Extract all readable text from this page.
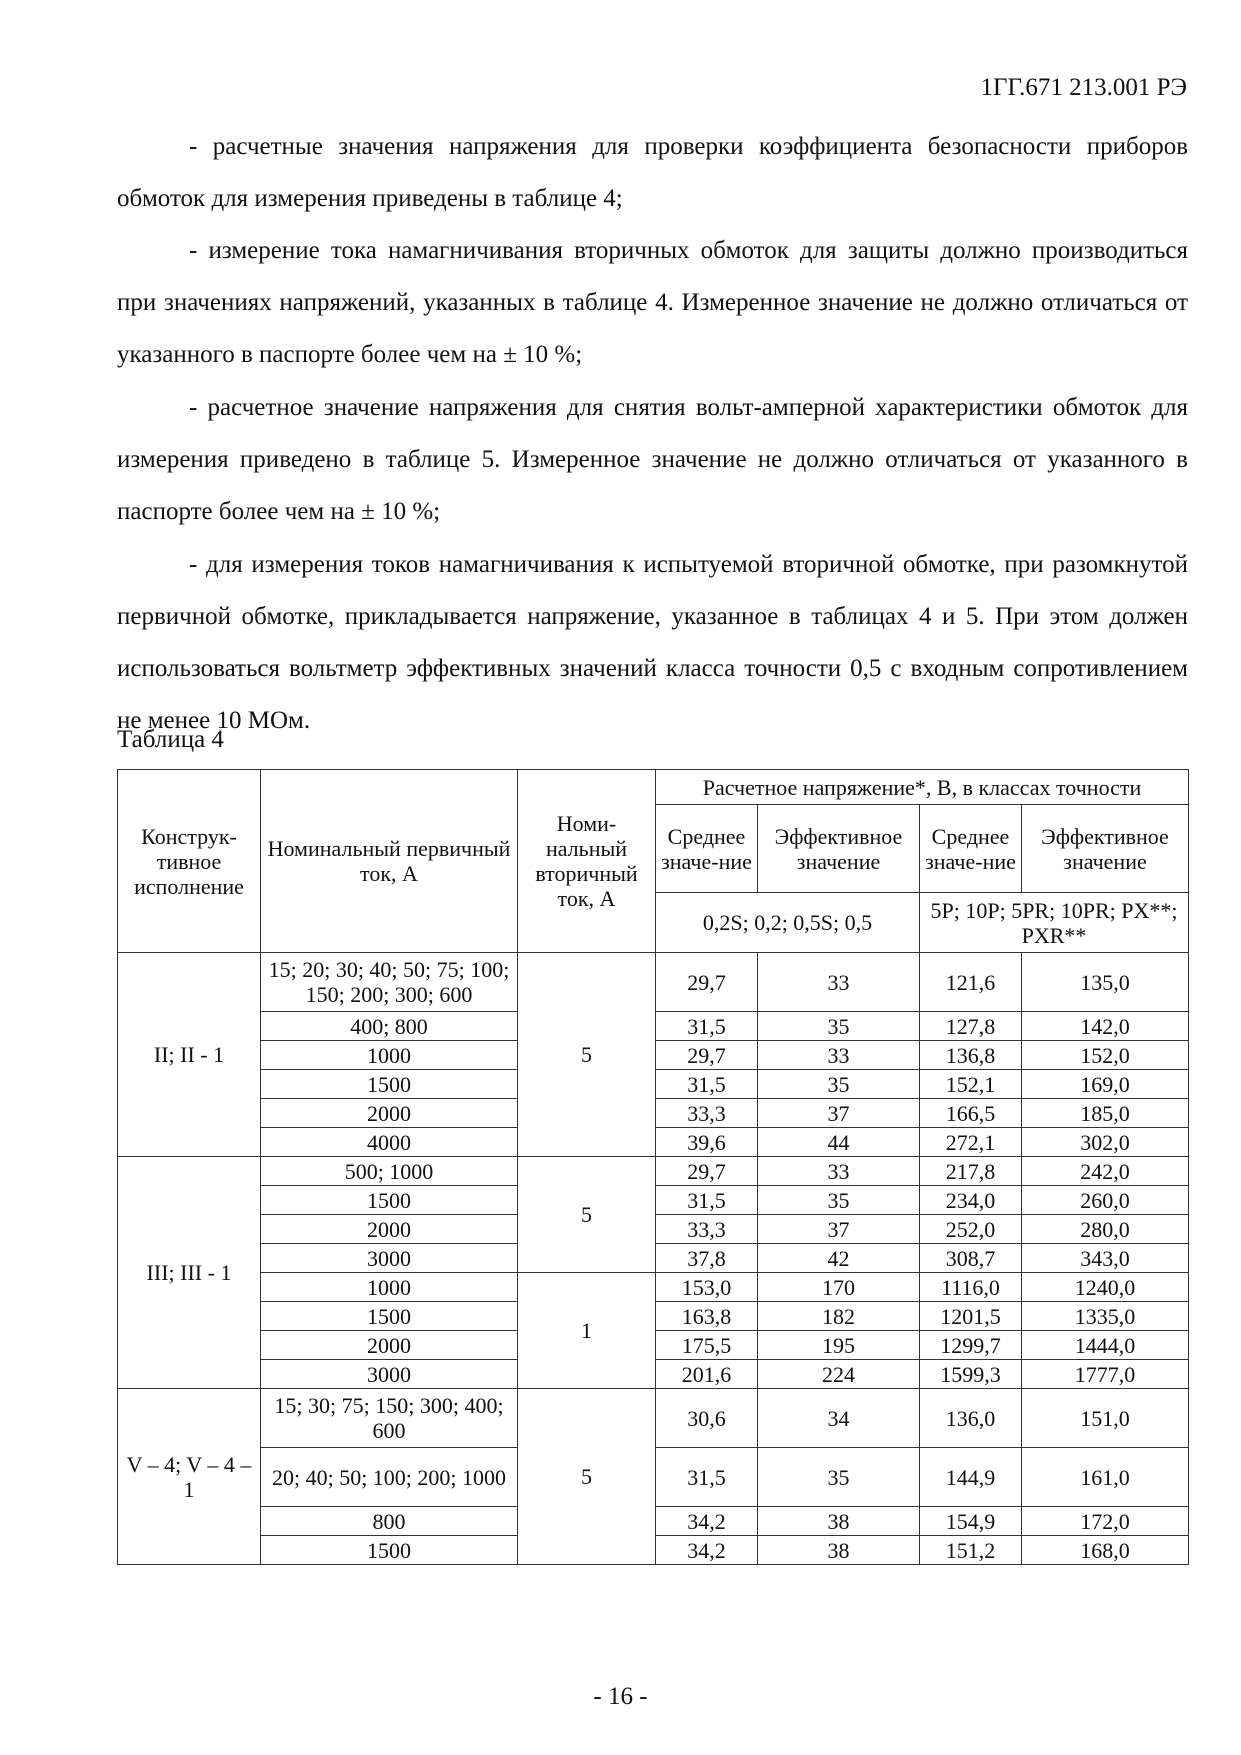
1ГГ.671 213.001 РЭ

- расчетные значения напряжения для проверки коэффициента безопасности приборов обмоток для измерения приведены в таблице 4;

- измерение тока намагничивания вторичных обмоток для защиты должно производиться при значениях напряжений, указанных в таблице 4. Измеренное значение не должно отличаться от указанного в паспорте более чем на ± 10 %;

- расчетное значение напряжения для снятия вольт-амперной характеристики обмоток для измерения приведено в таблице 5. Измеренное значение не должно отличаться от указанного в паспорте более чем на ± 10 %;

- для измерения токов намагничивания к испытуемой вторичной обмотке, при разомкнутой первичной обмотке, прикладывается напряжение, указанное в таблицах 4 и 5. При этом должен использоваться вольтметр эффективных значений класса точности 0,5 с входным сопротивлением не менее 10 МОм.

Таблица 4
Конструк-тивное исполнение	Номинальный первичный ток, А	Номи-нальный вторичный ток, А	Расчетное напряжение*, В, в классах точности			
			Среднее значе-ние	Эффективное значение	Среднее значе-ние	Эффективное значение
			0,2S; 0,2; 0,5S; 0,5		5P; 10P; 5PR; 10PR; PX**; PXR**	
II; II - 1	15; 20; 30; 40; 50; 75; 100; 150; 200; 300; 600	5	29,7	33	121,6	135,0
	400; 800		31,5	35	127,8	142,0
	1000		29,7	33	136,8	152,0
	1500		31,5	35	152,1	169,0
	2000		33,3	37	166,5	185,0
	4000		39,6	44	272,1	302,0
III; III - 1	500; 1000	5	29,7	33	217,8	242,0
	1500		31,5	35	234,0	260,0
	2000		33,3	37	252,0	280,0
	3000		37,8	42	308,7	343,0
	1000	1	153,0	170	1116,0	1240,0
	1500		163,8	182	1201,5	1335,0
	2000		175,5	195	1299,7	1444,0
	3000		201,6	224	1599,3	1777,0
V – 4; V – 4 – 1	15; 30; 75; 150; 300; 400; 600	5	30,6	34	136,0	151,0
	20; 40; 50; 100; 200; 1000		31,5	35	144,9	161,0
	800		34,2	38	154,9	172,0
	1500		34,2	38	151,2	168,0
- 16 -
